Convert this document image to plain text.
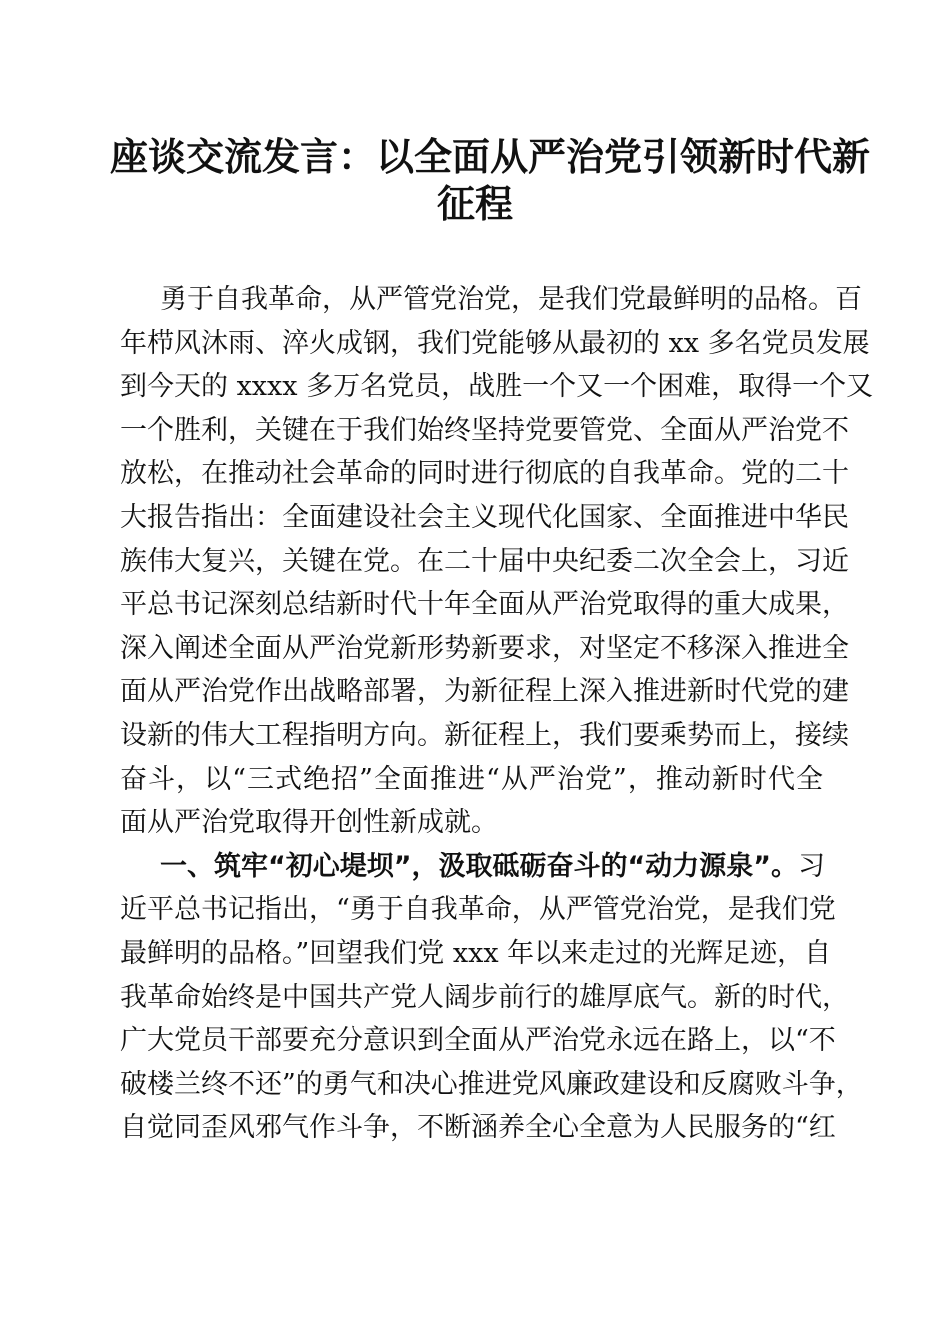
座谈交流发言：以全面从严治党引领新时代新
征程
勇于自我革命，从严管党治党，是我们党最鲜明的品格。百
年栉风沐雨、淬火成钢，我们党能够从最初的 xx 多名党员发展
到今天的 xxxx 多万名党员，战胜一个又一个困难，取得一个又
一个胜利，关键在于我们始终坚持党要管党、全面从严治党不
放松，在推动社会革命的同时进行彻底的自我革命。党的二十
大报告指出：全面建设社会主义现代化国家、全面推进中华民
族伟大复兴，关键在党。在二十届中央纪委二次全会上，习近
平总书记深刻总结新时代十年全面从严治党取得的重大成果，
深入阐述全面从严治党新形势新要求，对坚定不移深入推进全
面从严治党作出战略部署，为新征程上深入推进新时代党的建
设新的伟大工程指明方向。新征程上，我们要乘势而上，接续
奋斗，以“三式绝招”全面推进“从严治党”，推动新时代全
面从严治党取得开创性新成就。
一、筑牢“初心堤坝”，汲取砥砺奋斗的“动力源泉”。习
近平总书记指出，“勇于自我革命，从严管党治党，是我们党
最鲜明的品格。”回望我们党 xxx 年以来走过的光辉足迹，自
我革命始终是中国共产党人阔步前行的雄厚底气。新的时代，
广大党员干部要充分意识到全面从严治党永远在路上，以“不
破楼兰终不还”的勇气和决心推进党风廉政建设和反腐败斗争，
自觉同歪风邪气作斗争，不断涵养全心全意为人民服务的“红
